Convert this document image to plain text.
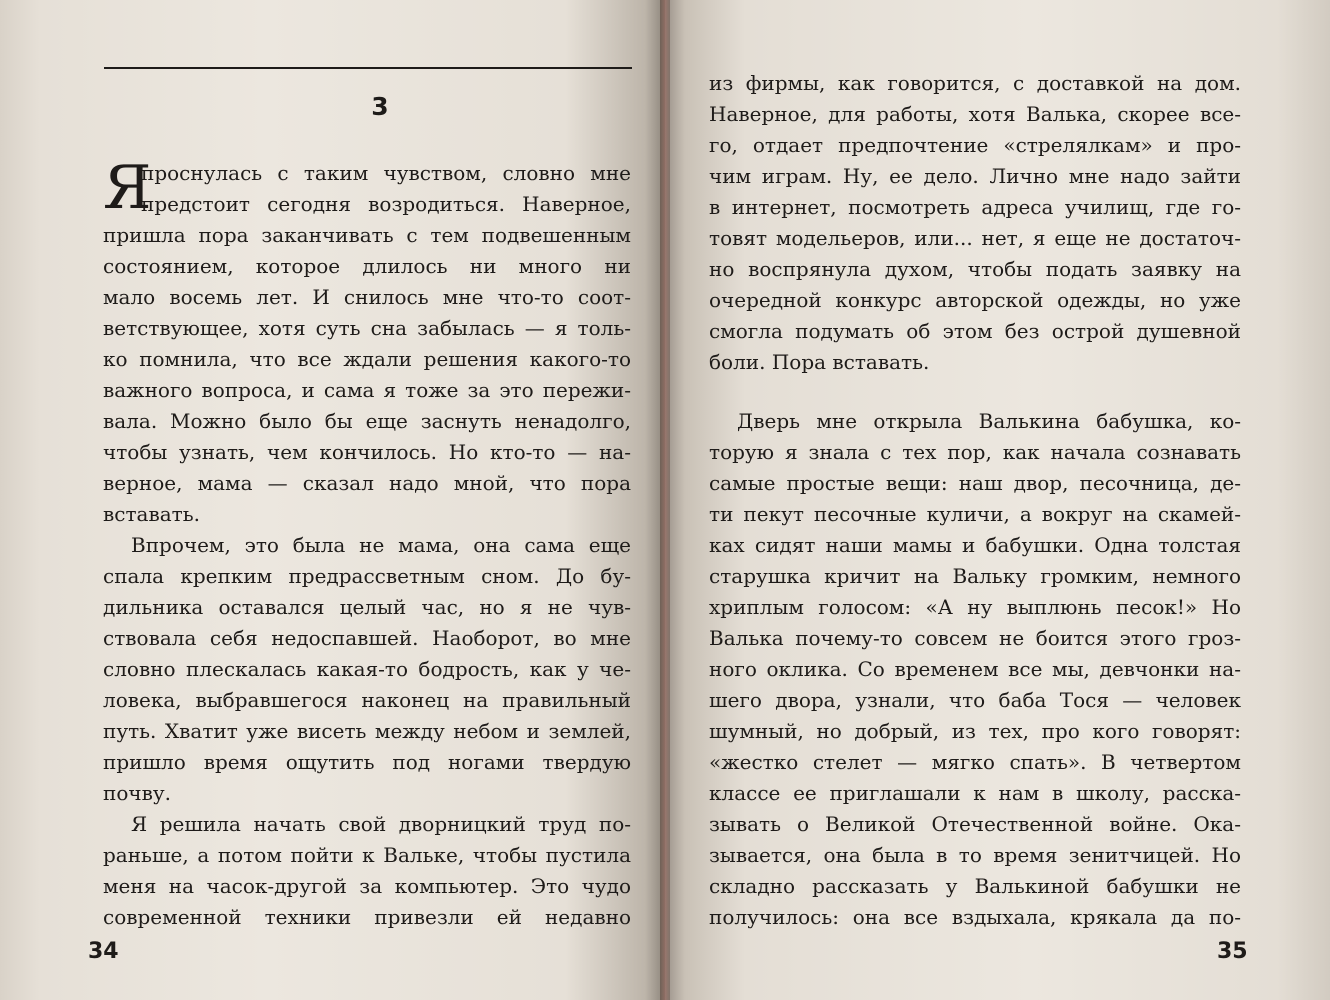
3
Я
проснулась с таким чувством, словно мне
предстоит сегодня возродиться. Наверное,
пришла пора заканчивать с тем подвешенным
состоянием, которое длилось ни много ни
мало восемь лет. И снилось мне что-то соот-
ветствующее, хотя суть сна забылась — я толь-
ко помнила, что все ждали решения какого-то
важного вопроса, и сама я тоже за это пережи-
вала. Можно было бы еще заснуть ненадолго,
чтобы узнать, чем кончилось. Но кто-то — на-
верное, мама — сказал надо мной, что пора
вставать.
Впрочем, это была не мама, она сама еще
спала крепким предрассветным сном. До бу-
дильника оставался целый час, но я не чув-
ствовала себя недоспавшей. Наоборот, во мне
словно плескалась какая-то бодрость, как у че-
ловека, выбравшегося наконец на правильный
путь. Хватит уже висеть между небом и землей,
пришло время ощутить под ногами твердую
почву.
Я решила начать свой дворницкий труд по-
раньше, а потом пойти к Вальке, чтобы пустила
меня на часок-другой за компьютер. Это чудо
современной техники привезли ей недавно
34
из фирмы, как говорится, с доставкой на дом.
Наверное, для работы, хотя Валька, скорее все-
го, отдает предпочтение «стрелялкам» и про-
чим играм. Ну, ее дело. Лично мне надо зайти
в интернет, посмотреть адреса училищ, где го-
товят модельеров, или... нет, я еще не достаточ-
но воспрянула духом, чтобы подать заявку на
очередной конкурс авторской одежды, но уже
смогла подумать об этом без острой душевной
боли. Пора вставать.
Дверь мне открыла Валькина бабушка, ко-
торую я знала с тех пор, как начала сознавать
самые простые вещи: наш двор, песочница, де-
ти пекут песочные куличи, а вокруг на скамей-
ках сидят наши мамы и бабушки. Одна толстая
старушка кричит на Вальку громким, немного
хриплым голосом: «А ну выплюнь песок!» Но
Валька почему-то совсем не боится этого гроз-
ного оклика. Со временем все мы, девчонки на-
шего двора, узнали, что баба Тося — человек
шумный, но добрый, из тех, про кого говорят:
«жестко стелет — мягко спать». В четвертом
классе ее приглашали к нам в школу, расска-
зывать о Великой Отечественной войне. Ока-
зывается, она была в то время зенитчицей. Но
складно рассказать у Валькиной бабушки не
получилось: она все вздыхала, крякала да по-
35
